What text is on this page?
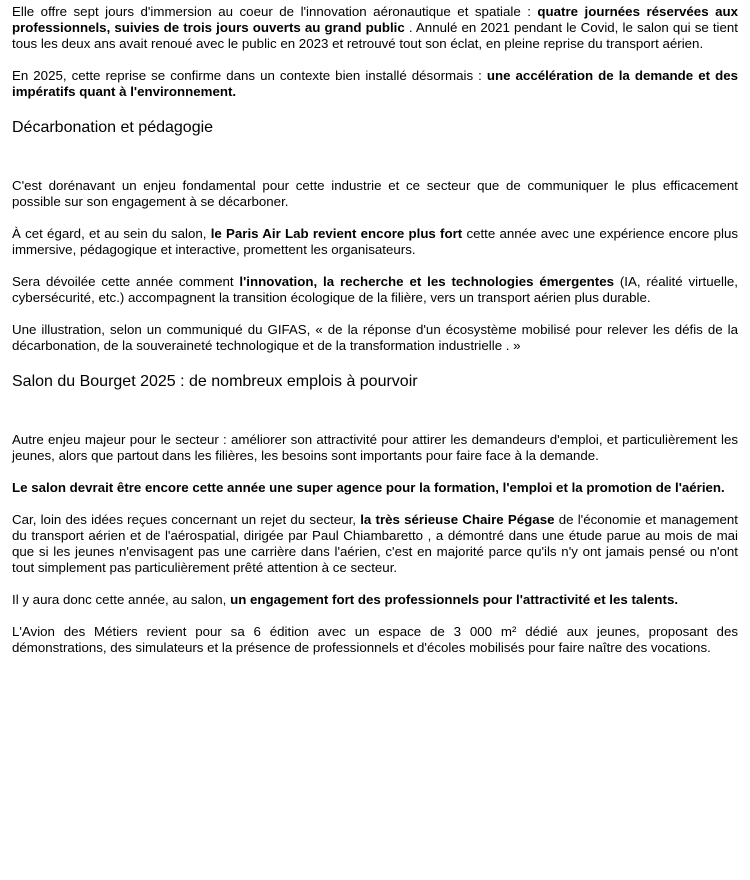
Elle offre sept jours d'immersion au coeur de l'innovation aéronautique et spatiale : quatre journées réservées aux professionnels, suivies de trois jours ouverts au grand public . Annulé en 2021 pendant le Covid, le salon qui se tient tous les deux ans avait renoué avec le public en 2023 et retrouvé tout son éclat, en pleine reprise du transport aérien.

En 2025, cette reprise se confirme dans un contexte bien installé désormais : une accélération de la demande et des impératifs quant à l'environnement.

Décarbonation et pédagogie

C'est dorénavant un enjeu fondamental pour cette industrie et ce secteur que de communiquer le plus efficacement possible sur son engagement à se décarboner.

À cet égard, et au sein du salon, le Paris Air Lab revient encore plus fort cette année avec une expérience encore plus immersive, pédagogique et interactive, promettent les organisateurs.

Sera dévoilée cette année comment l'innovation, la recherche et les technologies émergentes (IA, réalité virtuelle, cybersécurité, etc.) accompagnent la transition écologique de la filière, vers un transport aérien plus durable.

Une illustration, selon un communiqué du GIFAS, « de la réponse d'un écosystème mobilisé pour relever les défis de la décarbonation, de la souveraineté technologique et de la transformation industrielle . »

Salon du Bourget 2025 : de nombreux emplois à pourvoir

Autre enjeu majeur pour le secteur : améliorer son attractivité pour attirer les demandeurs d'emploi, et particulièrement les jeunes, alors que partout dans les filières, les besoins sont importants pour faire face à la demande.

Le salon devrait être encore cette année une super agence pour la formation, l'emploi et la promotion de l'aérien.

Car, loin des idées reçues concernant un rejet du secteur, la très sérieuse Chaire Pégase de l'économie et management du transport aérien et de l'aérospatial, dirigée par Paul Chiambaretto , a démontré dans une étude parue au mois de mai que si les jeunes n'envisagent pas une carrière dans l'aérien, c'est en majorité parce qu'ils n'y ont jamais pensé ou n'ont tout simplement pas particulièrement prêté attention à ce secteur.

Il y aura donc cette année, au salon, un engagement fort des professionnels pour l'attractivité et les talents.

L'Avion des Métiers revient pour sa 6 édition avec un espace de 3 000 m² dédié aux jeunes, proposant des démonstrations, des simulateurs et la présence de professionnels et d'écoles mobilisés pour faire naître des vocations.
